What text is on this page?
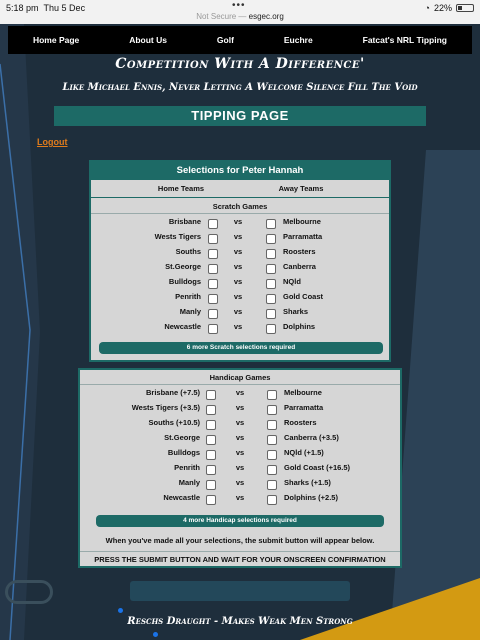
5:18 pm Thu 5 Dec	•••
Not Secure — esgec.org
◔ 22%
Home Page	About Us	Golf	Euchre	Fatcat's NRL Tipping
Competition With A Difference'
Like Michael Ennis, Never Letting A Welcome Silence Fill The Void
TIPPING PAGE
Logout
Selections for Peter Hannah
Home Teams	Away Teams
Scratch Games
Brisbane	vs	Melbourne
Wests Tigers	vs	Parramatta
Souths	vs	Roosters
St.George	vs	Canberra
Bulldogs	vs	NQld
Penrith	vs	Gold Coast
Manly	vs	Sharks
Newcastle	vs	Dolphins
6 more Scratch selections required
Handicap Games
Brisbane (+7.5)	vs	Melbourne
Wests Tigers (+3.5)	vs	Parramatta
Souths (+10.5)	vs	Roosters
St.George	vs	Canberra (+3.5)
Bulldogs	vs	NQld (+1.5)
Penrith	vs	Gold Coast (+16.5)
Manly	vs	Sharks (+1.5)
Newcastle	vs	Dolphins (+2.5)
4 more Handicap selections required
When you've made all your selections, the submit button will appear below.
PRESS THE SUBMIT BUTTON AND WAIT FOR YOUR ONSCREEN CONFIRMATION
Reschs Draught - Makes Weak Men Strong
